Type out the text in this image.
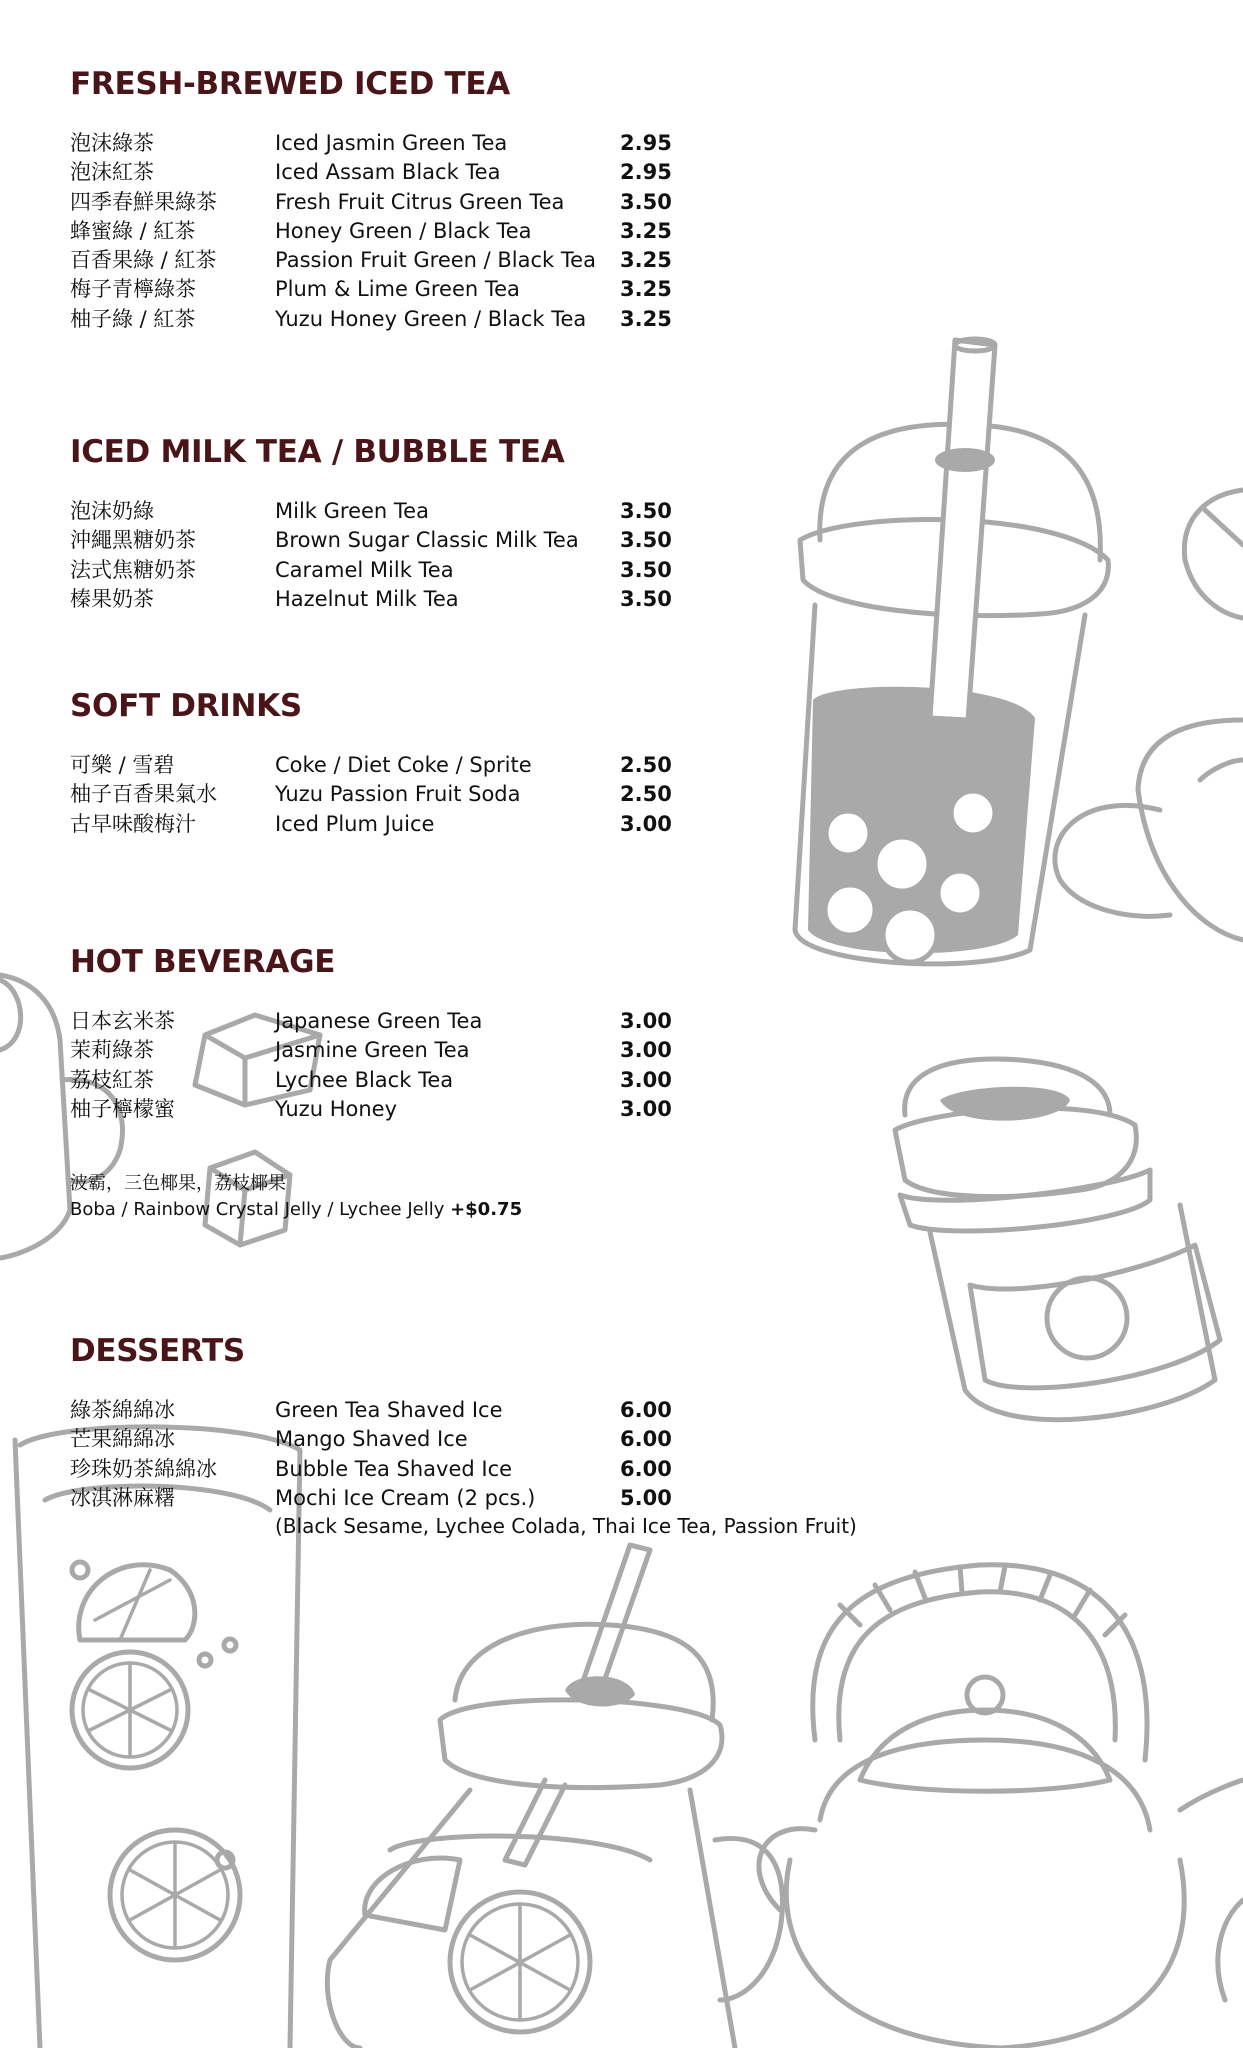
FRESH-BREWED ICED TEA
泡沫綠茶	Iced Jasmin Green Tea	2.95
泡沫紅茶	Iced Assam Black Tea	2.95
四季春鮮果綠茶	Fresh Fruit Citrus Green Tea	3.50
蜂蜜綠 / 紅茶	Honey Green / Black Tea	3.25
百香果綠 / 紅茶	Passion Fruit Green / Black Tea 3.25
梅子青檸綠茶	Plum & Lime Green Tea	3.25
柚子綠 / 紅茶	Yuzu Honey Green / Black Tea 3.25
ICED MILK TEA / BUBBLE TEA
泡沫奶綠	Milk Green Tea	3.50
沖繩黑糖奶茶	Brown Sugar Classic Milk Tea 3.50
法式焦糖奶茶	Caramel Milk Tea	3.50
榛果奶茶	Hazelnut Milk Tea	3.50
SOFT DRINKS
可樂 / 雪碧	Coke / Diet Coke / Sprite	2.50
柚子百香果氣水	Yuzu Passion Fruit Soda	2.50
古早味酸梅汁	Iced Plum Juice	3.00
HOT BEVERAGE
日本玄米茶	Japanese Green Tea	3.00
茉莉綠茶	Jasmine Green Tea	3.00
荔枝紅茶	Lychee Black Tea	3.00
柚子檸檬蜜	Yuzu Honey	3.00
波霸，三色椰果，荔枝椰果
Boba / Rainbow Crystal Jelly / Lychee Jelly +$0.75
DESSERTS
綠茶綿綿冰	Green Tea Shaved Ice	6.00
芒果綿綿冰	Mango Shaved Ice	6.00
珍珠奶茶綿綿冰	Bubble Tea Shaved Ice	6.00
冰淇淋麻糬	Mochi Ice Cream (2 pcs.)	5.00
(Black Sesame, Lychee Colada, Thai Ice Tea, Passion Fruit)
